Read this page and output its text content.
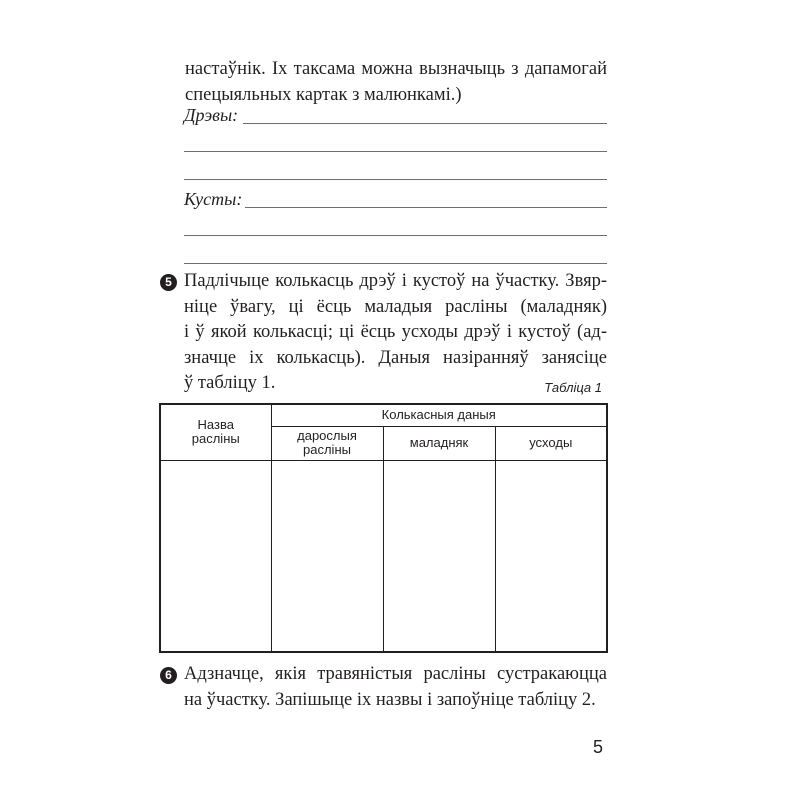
настаўнік. Іх таксама можна вызначыць з дапамогай
спецыяльных картак з малюнкамі.)
Дрэвы:
Кусты:
5 Падлічыце колькасць дрэў і кустоў на ўчастку. Звяр-
ніце ўвагу, ці ёсць маладыя расліны (маладняк)
і ў якой колькасці; ці ёсць усходы дрэў і кустоў (ад-
значце іх колькасць). Даныя назіранняў занясіце
ў табліцу 1.	Табліца 1
Назва расліны	Колькасныя даныя		
	дарослыя расліны	маладняк	усходы

6 Адзначце, якія травяністыя расліны сустракаюцца
на ўчастку. Запішыце іх назвы і запоўніце табліцу 2.
5
